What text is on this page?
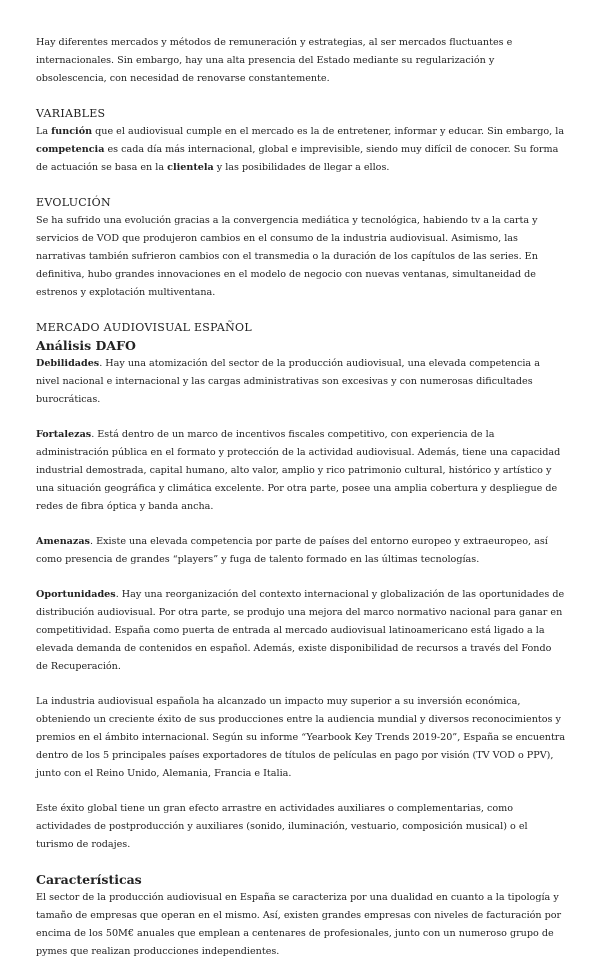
Hay diferentes mercados y métodos de remuneración y estrategias, al ser mercados fluctuantes e internacionales. Sin embargo, hay una alta presencia del Estado mediante su regularización y obsolescencia, con necesidad de renovarse constantemente.

VARIABLES

La función que el audiovisual cumple en el mercado es la de entretener, informar y educar. Sin embargo, la competencia es cada día más internacional, global e imprevisible, siendo muy difícil de conocer. Su forma de actuación se basa en la clientela y las posibilidades de llegar a ellos.

EVOLUCIÓN

Se ha sufrido una evolución gracias a la convergencia mediática y tecnológica, habiendo tv a la carta y servicios de VOD que produjeron cambios en el consumo de la industria audiovisual. Asimismo, las narrativas también sufrieron cambios con el transmedia o la duración de los capítulos de las series. En definitiva, hubo grandes innovaciones en el modelo de negocio con nuevas ventanas, simultaneidad de estrenos y explotación multiventana.

MERCADO AUDIOVISUAL ESPAÑOL
Análisis DAFO

Debilidades. Hay una atomización del sector de la producción audiovisual, una elevada competencia a nivel nacional e internacional y las cargas administrativas son excesivas y con numerosas dificultades burocráticas.

Fortalezas. Está dentro de un marco de incentivos fiscales competitivo, con experiencia de la administración pública en el formato y protección de la actividad audiovisual. Además, tiene una capacidad industrial demostrada, capital humano, alto valor, amplio y rico patrimonio cultural, histórico y artístico y una situación geográfica y climática excelente. Por otra parte, posee una amplia cobertura y despliegue de redes de fibra óptica y banda ancha.

Amenazas. Existe una elevada competencia por parte de países del entorno europeo y extraeuropeo, así como presencia de grandes “players” y fuga de talento formado en las últimas tecnologías.

Oportunidades. Hay una reorganización del contexto internacional y globalización de las oportunidades de distribución audiovisual. Por otra parte, se produjo una mejora del marco normativo nacional para ganar en competitividad. España como puerta de entrada al mercado audiovisual latinoamericano está ligado a la elevada demanda de contenidos en español. Además, existe disponibilidad de recursos a través del Fondo de Recuperación.

La industria audiovisual española ha alcanzado un impacto muy superior a su inversión económica, obteniendo un creciente éxito de sus producciones entre la audiencia mundial y diversos reconocimientos y premios en el ámbito internacional. Según su informe “Yearbook Key Trends 2019-20”, España se encuentra dentro de los 5 principales países exportadores de títulos de películas en pago por visión (TV VOD o PPV), junto con el Reino Unido, Alemania, Francia e Italia.

Este éxito global tiene un gran efecto arrastre en actividades auxiliares o complementarias, como actividades de postproducción y auxiliares (sonido, iluminación, vestuario, composición musical) o el turismo de rodajes.

Características

El sector de la producción audiovisual en España se caracteriza por una dualidad en cuanto a la tipología y tamaño de empresas que operan en el mismo. Así, existen grandes empresas con niveles de facturación por encima de los 50M€ anuales que emplean a centenares de profesionales, junto con un numeroso grupo de pymes que realizan producciones independientes.
